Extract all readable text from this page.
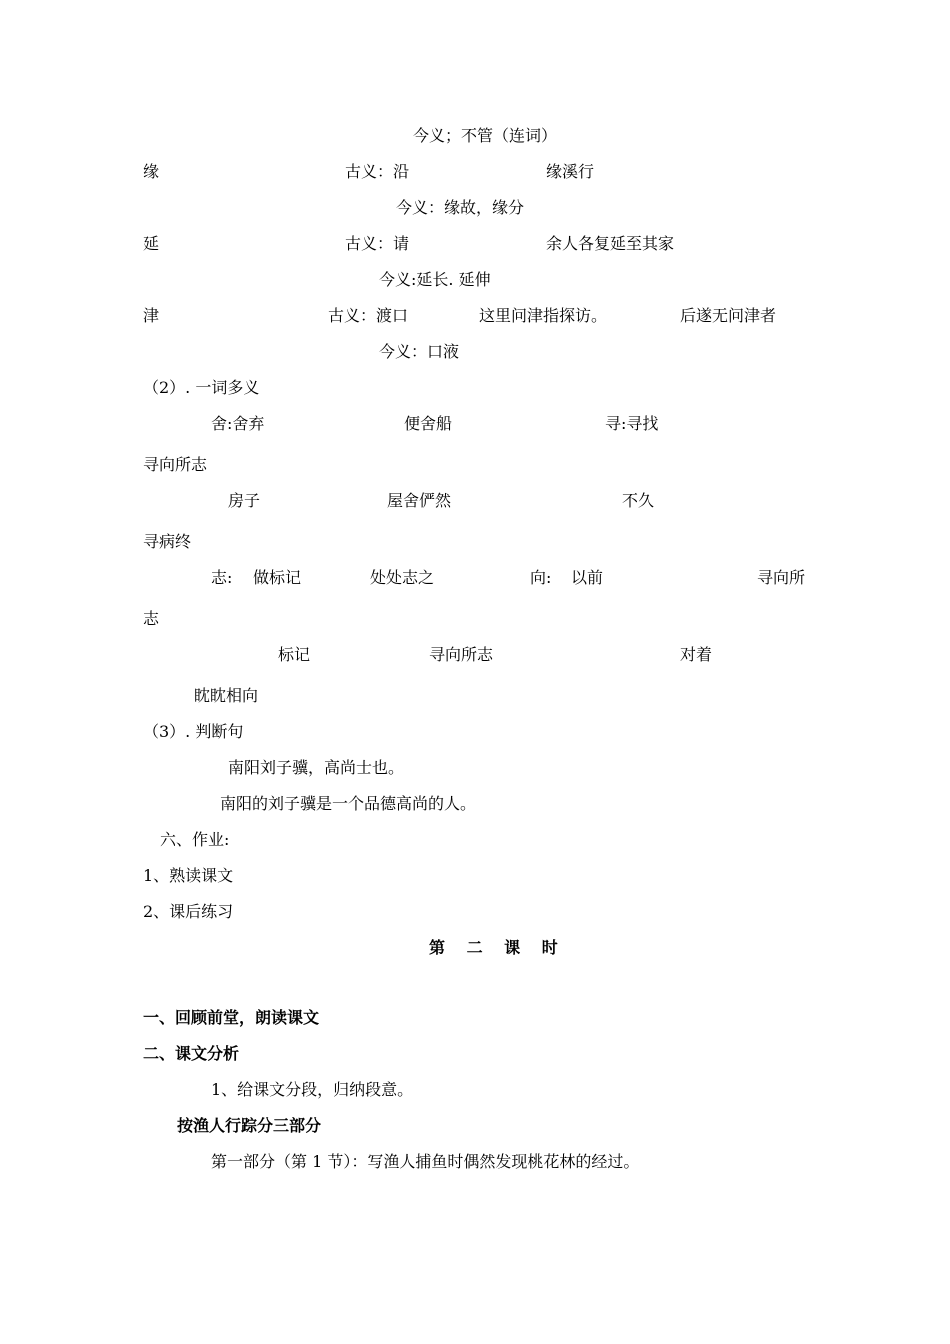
今义；不管（连词）
缘	古义：沿	缘溪行
今义：缘故，缘分
延	古义：请	余人各复延至其家
今义:延长. 延伸
津	古义：渡口	这里问津指探访。	后遂无问津者
今义：口液
（2）. 一词多义
舍:舍弃	便舍船	寻:寻找
寻向所志
房子	屋舍俨然	不久
寻病终
志: 做标记	处处志之	向: 以前	寻向所
志
标记	寻向所志	对着
眈眈相向
（3）. 判断句
南阳刘子骥，高尚士也。
南阳的刘子骥是一个品德高尚的人。
六、作业:
1、熟读课文
2、课后练习
第 二 课 时
一、回顾前堂，朗读课文
二、课文分析
1、给课文分段，归纳段意。
按渔人行踪分三部分
第一部分（第 1 节）：写渔人捕鱼时偶然发现桃花林的经过。
